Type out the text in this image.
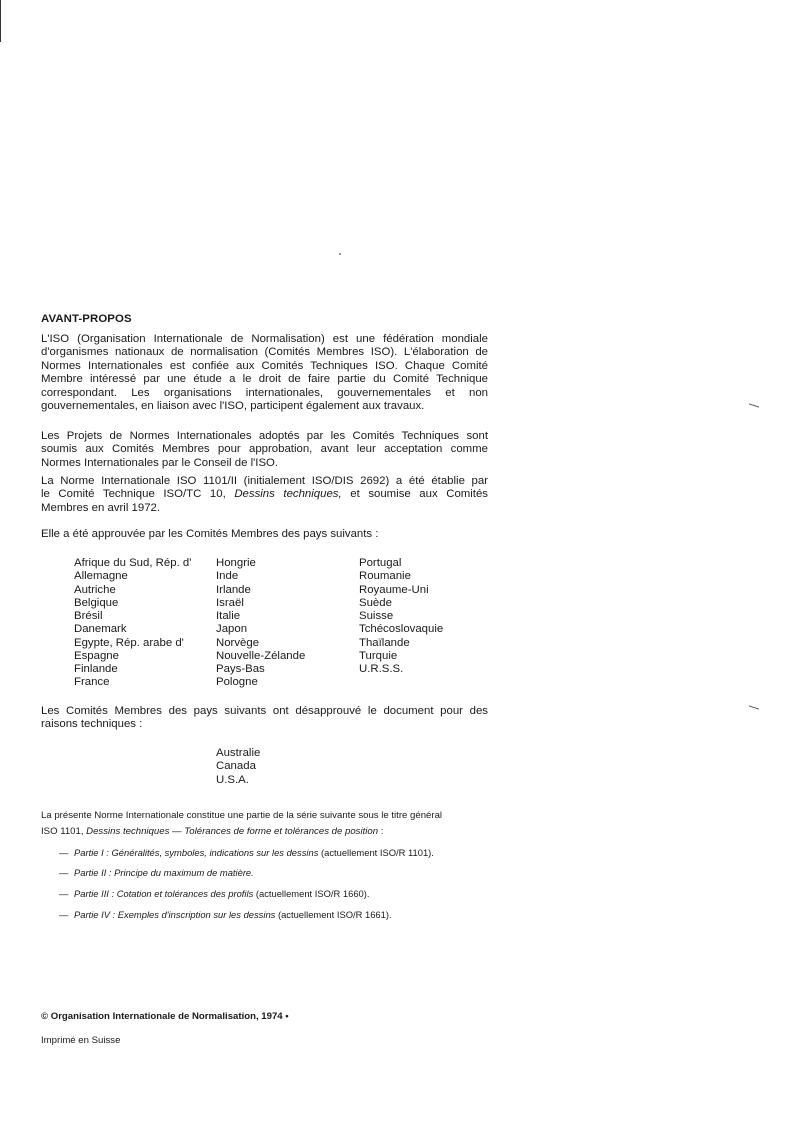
AVANT-PROPOS
L'ISO (Organisation Internationale de Normalisation) est une fédération mondiale
d'organismes nationaux de normalisation (Comités Membres ISO). L'élaboration de
Normes Internationales est confiée aux Comités Techniques ISO. Chaque Comité
Membre intéressé par une étude a le droit de faire partie du Comité Technique
correspondant. Les organisations internationales, gouvernementales et non
gouvernementales, en liaison avec l'ISO, participent également aux travaux.
Les Projets de Normes Internationales adoptés par les Comités Techniques sont
soumis aux Comités Membres pour approbation, avant leur acceptation comme
Normes Internationales par le Conseil de l'ISO.
La Norme Internationale ISO 1101/II (initialement ISO/DIS 2692) a été établie par
le Comité Technique ISO/TC 10, Dessins techniques, et soumise aux Comités
Membres en avril 1972.
Elle a été approuvée par les Comités Membres des pays suivants :
Afrique du Sud, Rép. d'
Allemagne
Autriche
Belgique
Brésil
Danemark
Egypte, Rép. arabe d'
Espagne
Finlande
France
Hongrie
Inde
Irlande
Israël
Italie
Japon
Norvège
Nouvelle-Zélande
Pays-Bas
Pologne
Portugal
Roumanie
Royaume-Uni
Suède
Suisse
Tchécoslovaquie
Thaïlande
Turquie
U.R.S.S.
Les Comités Membres des pays suivants ont désapprouvé le document pour des
raisons techniques :
Australie
Canada
U.S.A.
La présente Norme Internationale constitue une partie de la série suivante sous le titre général
ISO 1101, Dessins techniques — Tolérances de forme et tolérances de position :
— Partie I : Généralités, symboles, indications sur les dessins (actuellement ISO/R 1101).
— Partie II : Principe du maximum de matière.
— Partie III : Cotation et tolérances des profils (actuellement ISO/R 1660).
— Partie IV : Exemples d'inscription sur les dessins (actuellement ISO/R 1661).
© Organisation Internationale de Normalisation, 1974 •
Imprimé en Suisse
